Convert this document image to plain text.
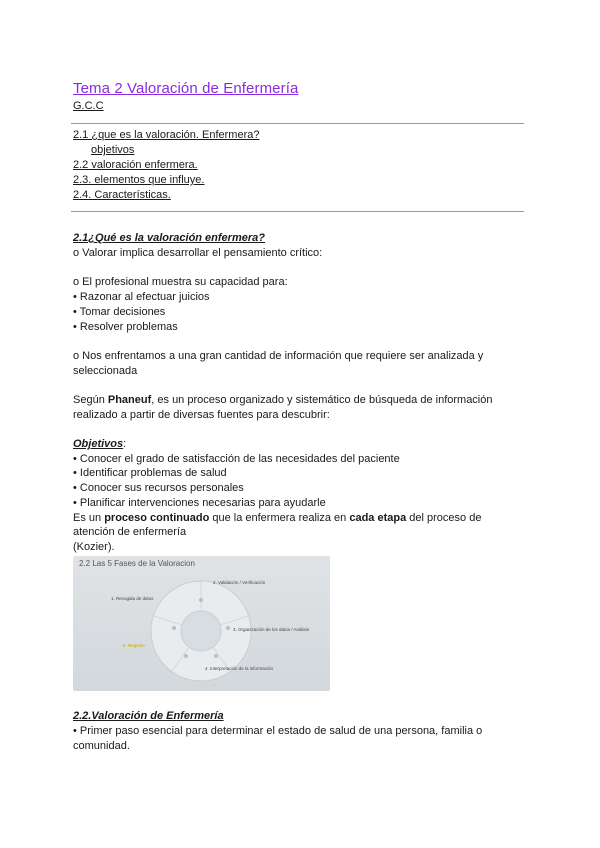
Tema 2 Valoración de Enfermería
G.C.C
2.1 ¿que es la valoración. Enfermera?
objetivos
2.2 valoración enfermera.
2.3. elementos que influye.
2.4. Características.
2.1¿Qué es la valoración enfermera?
o Valorar implica desarrollar el pensamiento crítico:
o El profesional muestra su capacidad para:
• Razonar al efectuar juicios
• Tomar decisiones
• Resolver problemas
o Nos enfrentamos a una gran cantidad de información que requiere ser analizada y
seleccionada
Según Phaneuf, es un proceso organizado y sistemático de búsqueda de información
realizado a partir de diversas fuentes para descubrir:
Objetivos:
• Conocer el grado de satisfacción de las necesidades del paciente
• Identificar problemas de salud
• Conocer sus recursos personales
• Planificar intervenciones necesarias para ayudarle
Es un proceso continuado que la enfermera realiza en cada etapa del proceso de
atención de enfermería
(Kozier).
2.2 Las 5 Fases de la Valoracion
1. Recogida de datos
2. Validación / Verificación
3. Organización de los datos / Análisis
4. Interpretación de la información
5. Registro
2.2.Valoración de Enfermería
• Primer paso esencial para determinar el estado de salud de una persona, familia o
comunidad.
